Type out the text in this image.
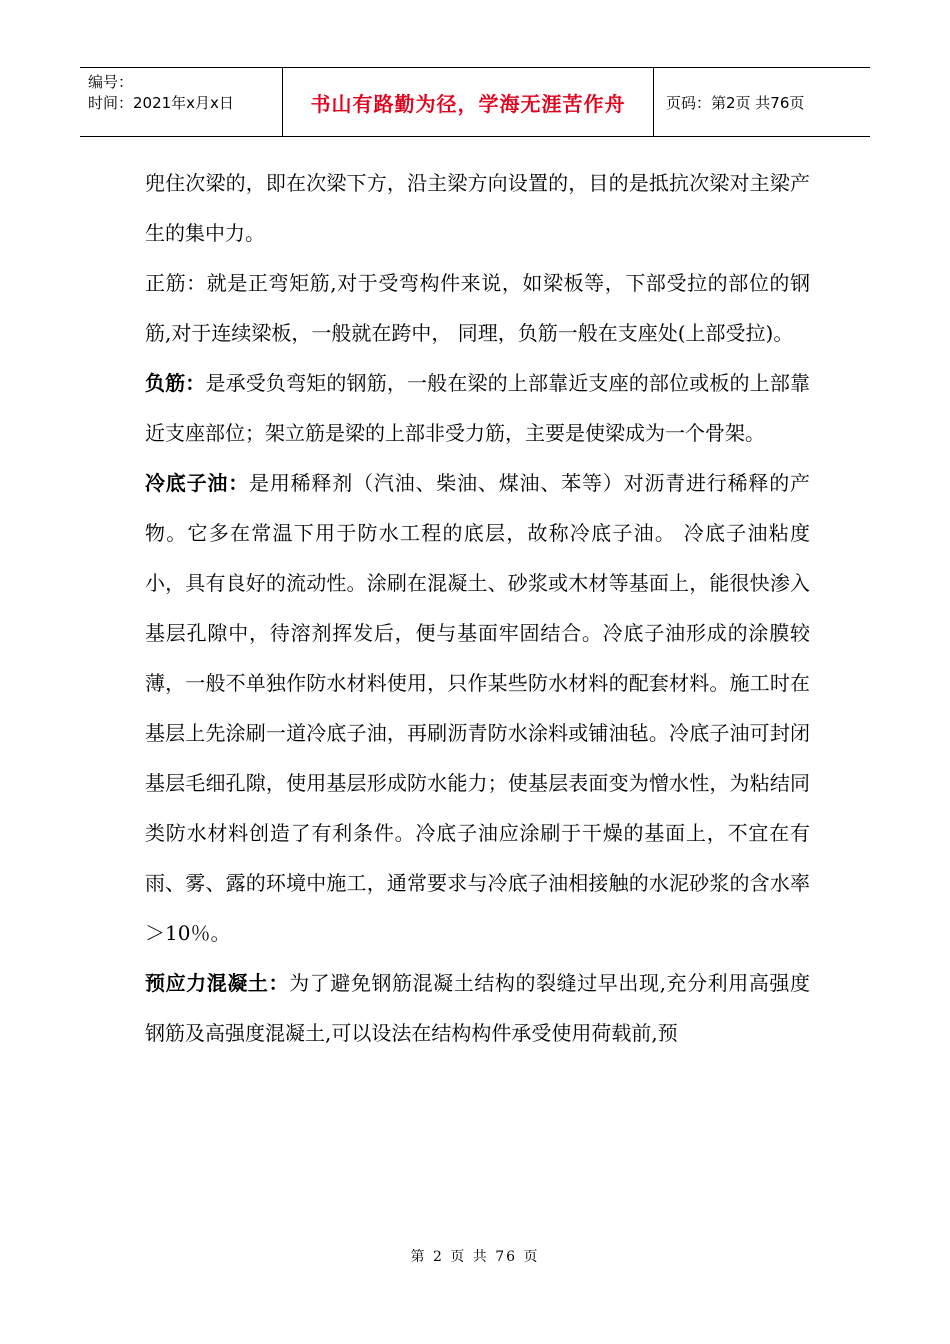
编号：
时间：2021年x月x日	书山有路勤为径，学海无涯苦作舟	页码：第2页 共76页

兜住次梁的，即在次梁下方，沿主梁方向设置的，目的是抵抗次梁对主梁产生的集中力。

正筋：就是正弯矩筋,对于受弯构件来说，如梁板等，下部受拉的部位的钢筋,对于连续梁板，一般就在跨中， 同理，负筋一般在支座处(上部受拉)。

负筋：是承受负弯矩的钢筋，一般在梁的上部靠近支座的部位或板的上部靠近支座部位；架立筋是梁的上部非受力筋，主要是使梁成为一个骨架。

冷底子油：是用稀释剂（汽油、柴油、煤油、苯等）对沥青进行稀释的产物。它多在常温下用于防水工程的底层，故称冷底子油。 冷底子油粘度小，具有良好的流动性。涂刷在混凝土、砂浆或木材等基面上，能很快渗入基层孔隙中，待溶剂挥发后，便与基面牢固结合。冷底子油形成的涂膜较薄，一般不单独作防水材料使用，只作某些防水材料的配套材料。施工时在基层上先涂刷一道冷底子油，再刷沥青防水涂料或铺油毡。冷底子油可封闭基层毛细孔隙，使用基层形成防水能力；使基层表面变为憎水性，为粘结同类防水材料创造了有利条件。冷底子油应涂刷于干燥的基面上，不宜在有雨、雾、露的环境中施工，通常要求与冷底子油相接触的水泥砂浆的含水率＞10％。

预应力混凝土：为了避免钢筋混凝土结构的裂缝过早出现,充分利用高强度钢筋及高强度混凝土,可以设法在结构构件承受使用荷载前,预

第 2 页 共 76 页
